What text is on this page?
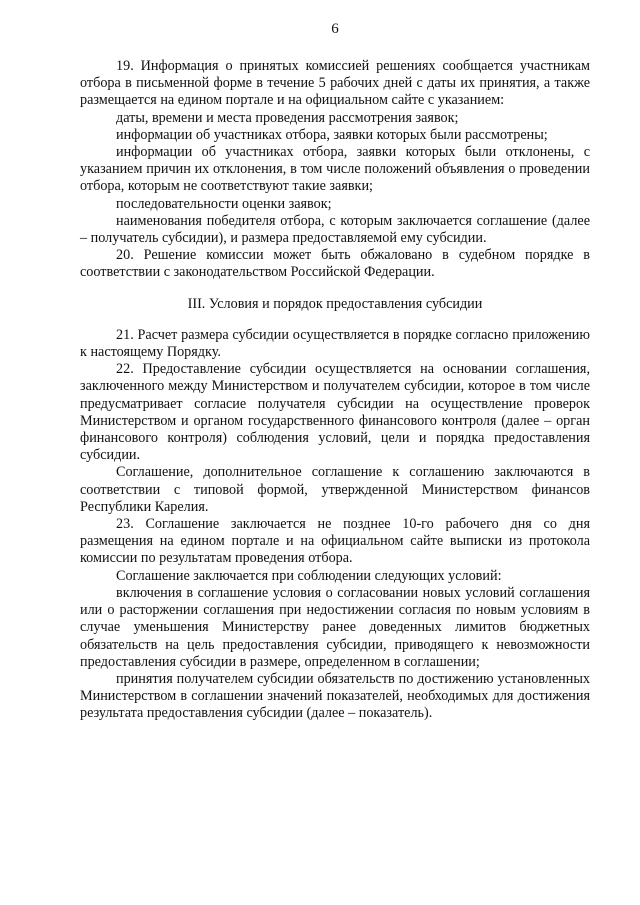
6

19. Информация о принятых комиссией решениях сообщается участникам отбора в письменной форме в течение 5 рабочих дней с даты их принятия, а также размещается на едином портале и на официальном сайте с указанием:

даты, времени и места проведения рассмотрения заявок;

информации об участниках отбора, заявки которых были рассмотрены;

информации об участниках отбора, заявки которых были отклонены, с указанием причин их отклонения, в том числе положений объявления о проведении отбора, которым не соответствуют такие заявки;

последовательности оценки заявок;

наименования победителя отбора, с которым заключается соглашение (далее – получатель субсидии), и размера предоставляемой ему субсидии.

20. Решение комиссии может быть обжаловано в судебном порядке в соответствии с законодательством Российской Федерации.

III. Условия и порядок предоставления субсидии

21. Расчет размера субсидии осуществляется в порядке согласно приложению к настоящему Порядку.

22. Предоставление субсидии осуществляется на основании соглашения, заключенного между Министерством и получателем субсидии, которое в том числе предусматривает согласие получателя субсидии на осуществление проверок Министерством и органом государственного финансового контроля (далее – орган финансового контроля) соблюдения условий, цели и порядка предоставления субсидии.

Соглашение, дополнительное соглашение к соглашению заключаются в соответствии с типовой формой, утвержденной Министерством финансов Республики Карелия.

23. Соглашение заключается не позднее 10-го рабочего дня со дня размещения на едином портале и на официальном сайте выписки из протокола комиссии по результатам проведения отбора.

Соглашение заключается при соблюдении следующих условий:

включения в соглашение условия о согласовании новых условий соглашения или о расторжении соглашения при недостижении согласия по новым условиям в случае уменьшения Министерству ранее доведенных лимитов бюджетных обязательств на цель предоставления субсидии, приводящего к невозможности предоставления субсидии в размере, определенном в соглашении;

принятия получателем субсидии обязательств по достижению установленных Министерством в соглашении значений показателей, необходимых для достижения результата предоставления субсидии (далее – показатель).
